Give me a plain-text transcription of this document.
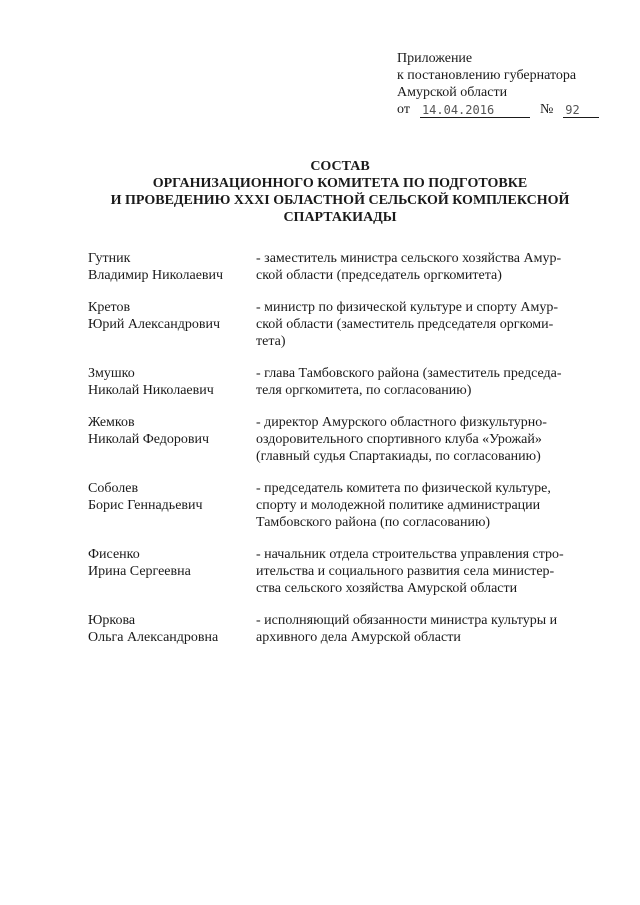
Приложение
к постановлению губернатора
Амурской области
от 14.04.2016	№ 92
СОСТАВ
ОРГАНИЗАЦИОННОГО КОМИТЕТА ПО ПОДГОТОВКЕ
И ПРОВЕДЕНИЮ XXXI ОБЛАСТНОЙ СЕЛЬСКОЙ КОМПЛЕКСНОЙ
СПАРТАКИАДЫ
Гутник
Владимир Николаевич
- заместитель министра сельского хозяйства Амур-
ской области (председатель оргкомитета)
Кретов
Юрий Александрович
- министр по физической культуре и спорту Амур-
ской области (заместитель председателя оргкоми-
тета)
Змушко
Николай Николаевич
- глава Тамбовского района (заместитель председа-
теля оргкомитета, по согласованию)
Жемков
Николай Федорович
- директор Амурского областного физкультурно-
оздоровительного спортивного клуба «Урожай»
(главный судья Спартакиады, по согласованию)
Соболев
Борис Геннадьевич
- председатель комитета по физической культуре,
спорту и молодежной политике администрации
Тамбовского района (по согласованию)
Фисенко
Ирина Сергеевна
- начальник отдела строительства управления стро-
ительства и социального развития села министер-
ства сельского хозяйства Амурской области
Юркова
Ольга Александровна
- исполняющий обязанности министра культуры и
архивного дела Амурской области
